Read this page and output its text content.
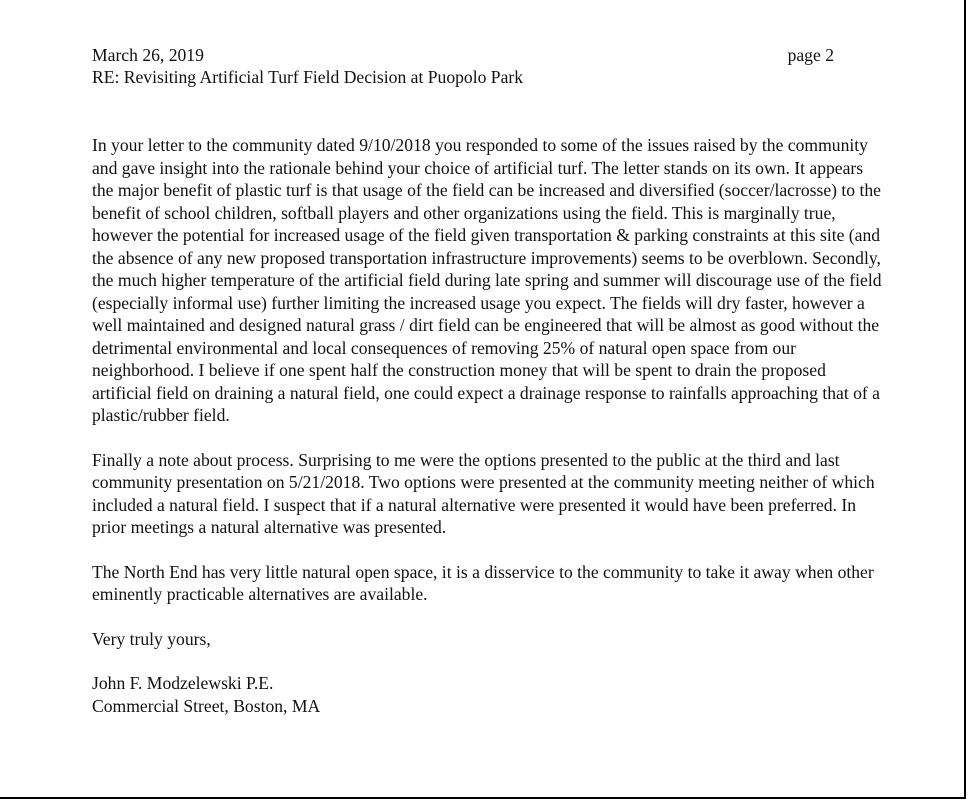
March 26, 2019	page 2
RE: Revisiting Artificial Turf Field Decision at Puopolo Park

In your letter to the community dated 9/10/2018 you responded to some of the issues raised by the community and gave insight into the rationale behind your choice of artificial turf. The letter stands on its own. It appears the major benefit of plastic turf is that usage of the field can be increased and diversified (soccer/lacrosse) to the benefit of school children, softball players and other organizations using the field. This is marginally true, however the potential for increased usage of the field given transportation & parking constraints at this site (and the absence of any new proposed transportation infrastructure improvements) seems to be overblown. Secondly, the much higher temperature of the artificial field during late spring and summer will discourage use of the field (especially informal use) further limiting the increased usage you expect. The fields will dry faster, however a well maintained and designed natural grass / dirt field can be engineered that will be almost as good without the detrimental environmental and local consequences of removing 25% of natural open space from our neighborhood. I believe if one spent half the construction money that will be spent to drain the proposed artificial field on draining a natural field, one could expect a drainage response to rainfalls approaching that of a plastic/rubber field.

Finally a note about process. Surprising to me were the options presented to the public at the third and last community presentation on 5/21/2018. Two options were presented at the community meeting neither of which included a natural field. I suspect that if a natural alternative were presented it would have been preferred. In prior meetings a natural alternative was presented.

The North End has very little natural open space, it is a disservice to the community to take it away when other eminently practicable alternatives are available.

Very truly yours,

John F. Modzelewski P.E.
Commercial Street, Boston, MA
